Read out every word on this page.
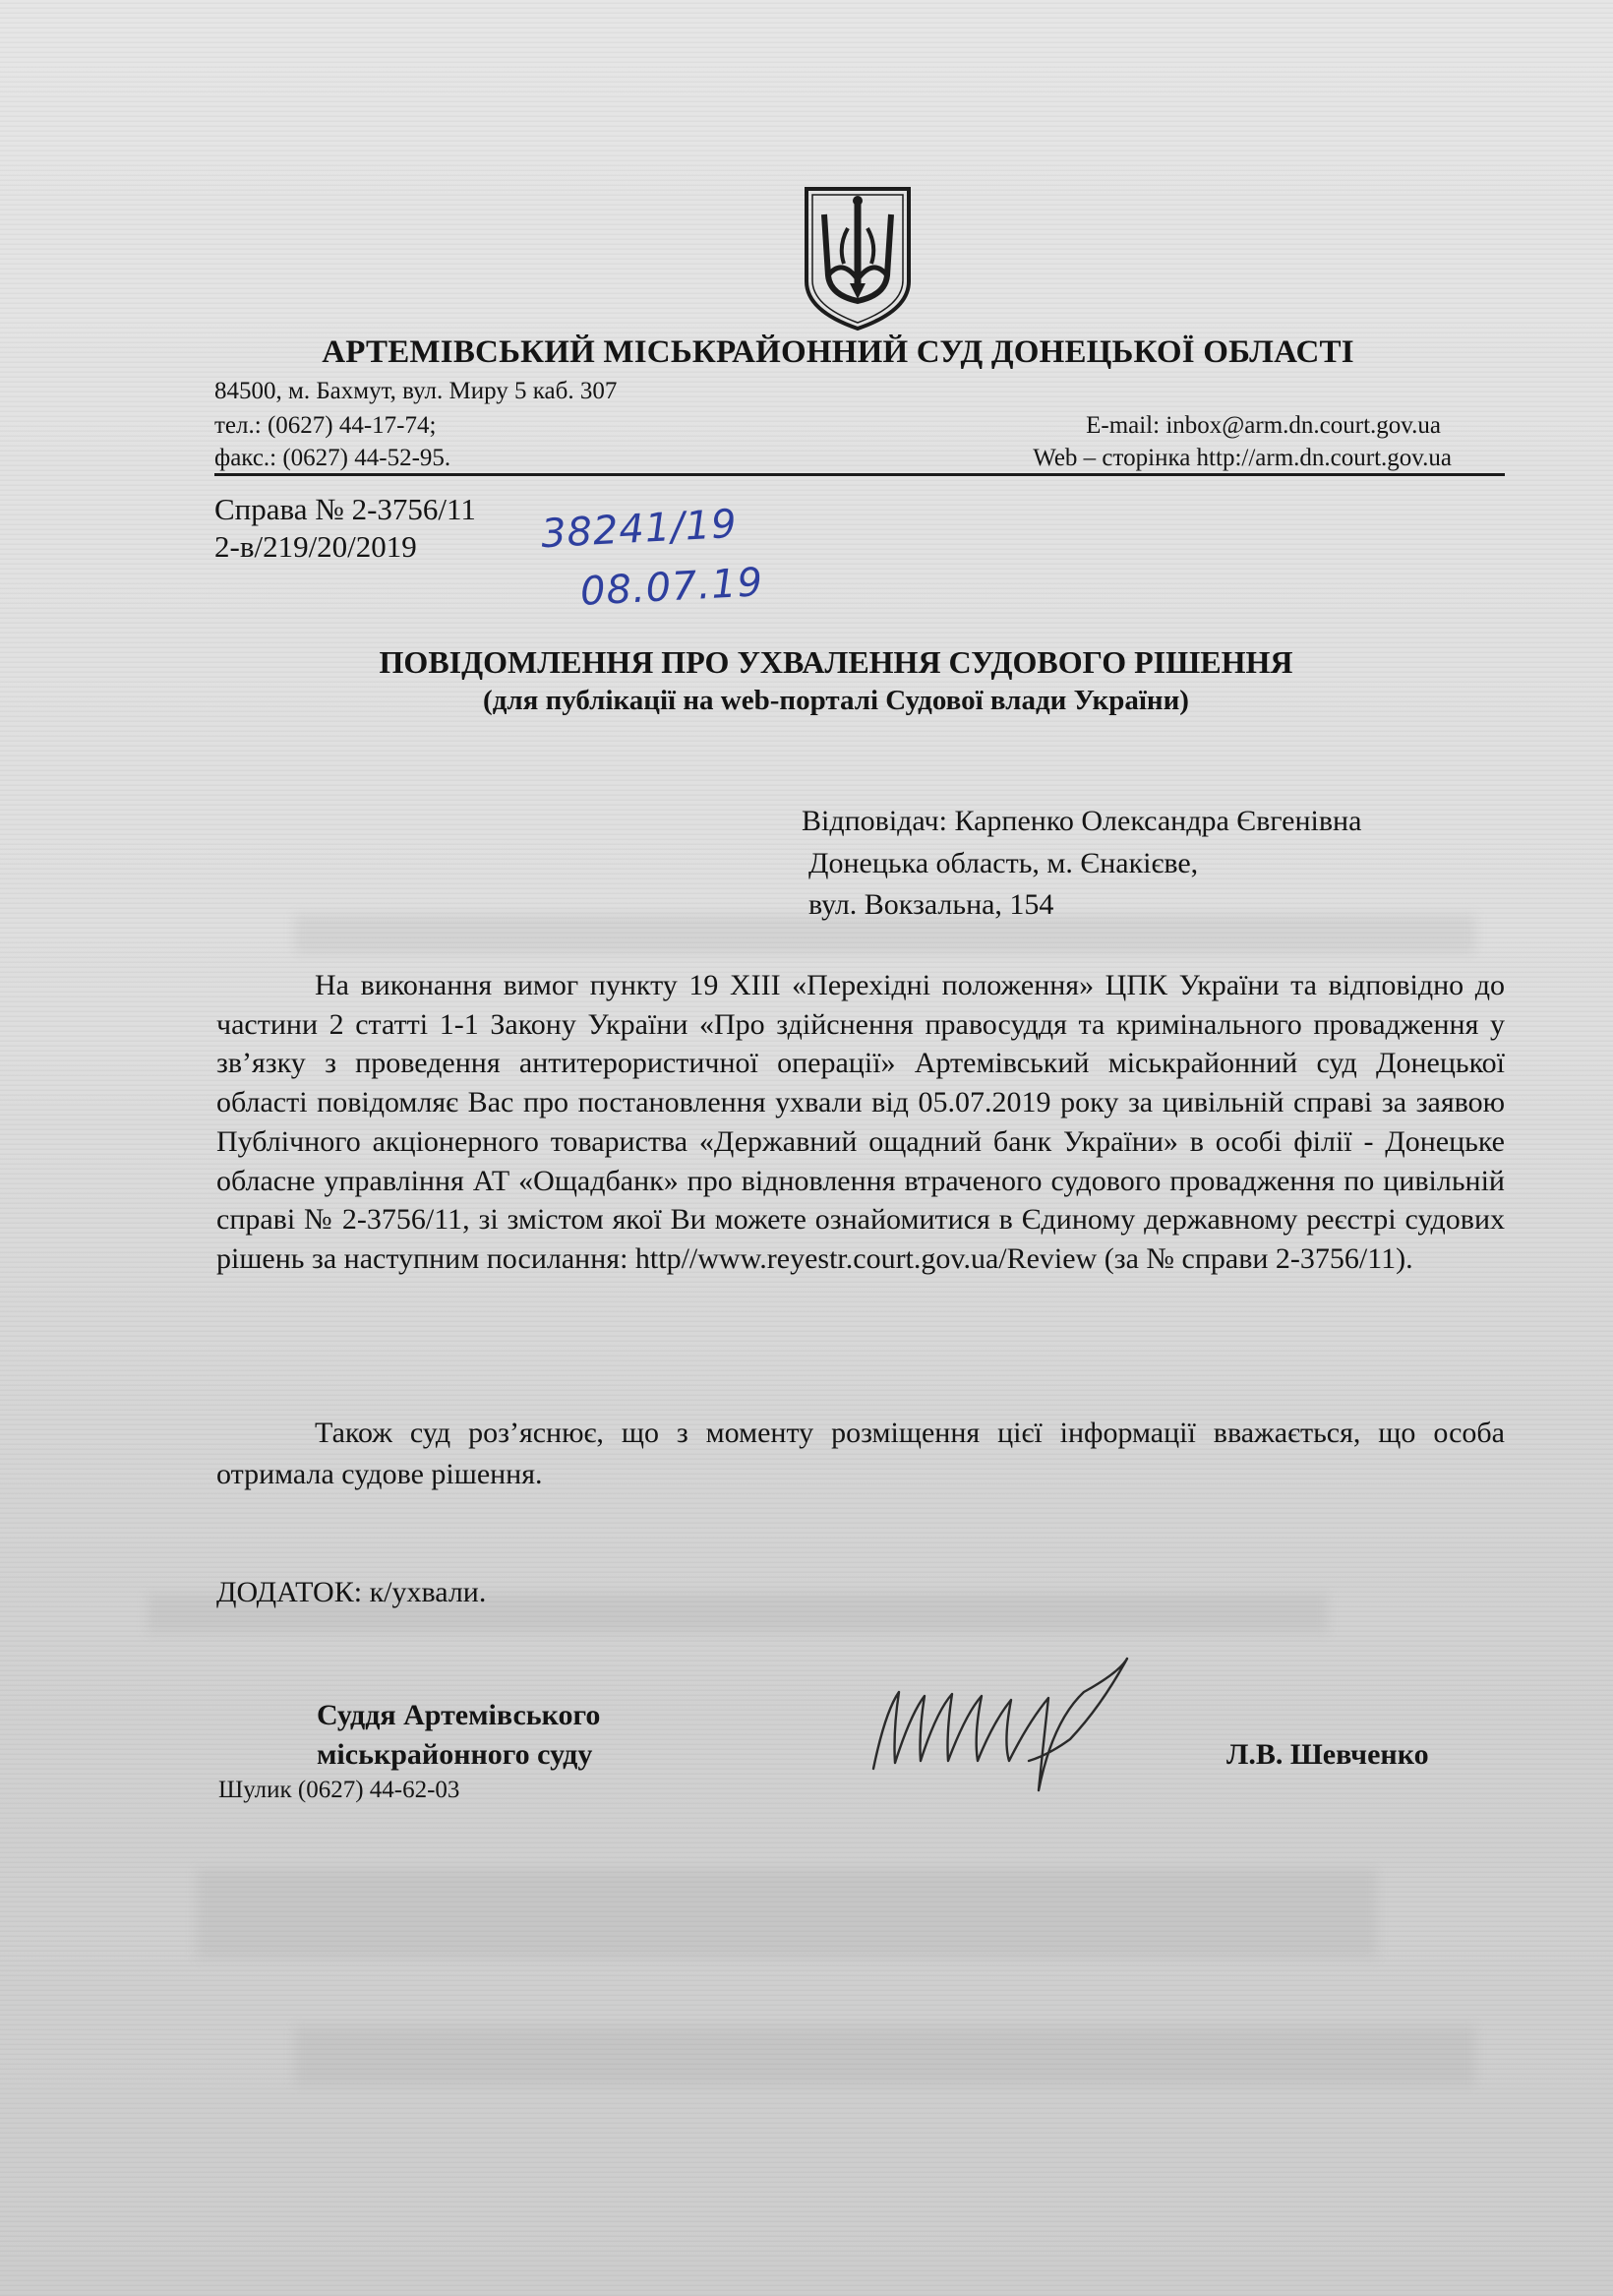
АРТЕМІВСЬКИЙ МІСЬКРАЙОННИЙ СУД ДОНЕЦЬКОЇ ОБЛАСТІ
84500, м. Бахмут, вул. Миру 5 каб. 307
тел.: (0627) 44-17-74;
факс.: (0627) 44-52-95.
E-mail: inbox@arm.dn.court.gov.ua
Web – сторінка http://arm.dn.court.gov.ua
Справа № 2-3756/11
2-в/219/20/2019	38241/19
08.07.19
ПОВІДОМЛЕННЯ ПРО УХВАЛЕННЯ СУДОВОГО РІШЕННЯ
(для публікації на web-порталі Судової влади України)
Відповідач: Карпенко Олександра Євгенівна
Донецька область, м. Єнакієве,
вул. Вокзальна, 154

На виконання вимог пункту 19 XIII «Перехідні положення» ЦПК України та відповідно до частини 2 статті 1-1 Закону України «Про здійснення правосуддя та кримінального провадження у зв’язку з проведення антитерористичної операції» Артемівський міськрайонний суд Донецької області повідомляє Вас про постановлення ухвали від 05.07.2019 року за цивільній справі за заявою Публічного акціонерного товариства «Державний ощадний банк України» в особі філії - Донецьке обласне управління АТ «Ощадбанк» про відновлення втраченого судового провадження по цивільній справі № 2-3756/11, зі змістом якої Ви можете ознайомитися в Єдиному державному реєстрі судових рішень за наступним посилання: http//www.reyestr.court.gov.ua/Review (за № справи 2-3756/11).

Також суд роз’яснює, що з моменту розміщення цієї інформації вважається, що особа отримала судове рішення.

ДОДАТОК: к/ухвали.
Суддя Артемівського
міськрайонного суду	Л.В. Шевченко
Шулик (0627) 44-62-03
